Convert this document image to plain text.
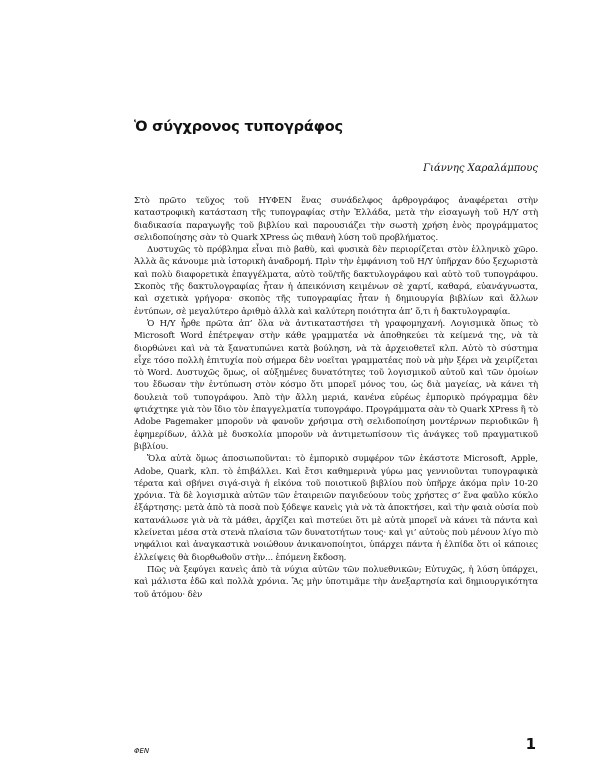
Ὁ σύγχρονος τυπογράφος
Γιάννης Χαραλάμπους

Στὸ πρῶτο τεῦχος τοῦ ΗΥΦΕΝ ἕνας συνάδελφος ἀρθρογράφος ἀναφέρεται στὴν καταστροφικὴ κατάσταση τῆς τυπογραφίας στὴν Ἑλλάδα, μετὰ τὴν εἰσαγωγὴ τοῦ Η/Υ στὴ διαδικασία παραγωγῆς τοῦ βιβλίου καὶ παρουσιάζει τὴν σωστὴ χρήση ἑνὸς προγράμματος σελιδοποίησης σὰν τὸ Quark XPress ὡς πιθανὴ λύση τοῦ προβλήματος.

Δυστυχῶς τὸ πρόβλημα εἶναι πιὸ βαθὺ, καὶ φυσικὰ δὲν περιορίζεται στὸν ἑλληνικὸ χῶρο. Ἀλλὰ ἂς κάνουμε μιὰ ἱστορικὴ ἀναδρομή. Πρὶν τὴν ἐμφάνιση τοῦ Η/Υ ὑπῆρχαν δύο ξεχωριστὰ καὶ πολὺ διαφορετικὰ ἐπαγγέλματα, αὐτὸ τοῦ/τῆς δακτυλογράφου καὶ αὐτὸ τοῦ τυπογράφου. Σκοπὸς τῆς δακτυλογραφίας ἦταν ἡ ἀπεικόνιση κειμένων σὲ χαρτί, καθαρά, εὐανάγνωστα, καὶ σχετικὰ γρήγορα· σκοπὸς τῆς τυπογραφίας ἦταν ἡ δημιουργία βιβλίων καὶ ἄλλων ἐντύπων, σὲ μεγαλύτερο ἀριθμὸ ἀλλὰ καὶ καλύτερη ποιότητα ἀπ’ ὅ,τι ἡ δακτυλογραφία.

Ὁ Η/Υ ἦρθε πρῶτα ἀπ’ ὅλα νὰ ἀντικαταστήσει τὴ γραφομηχανή. Λογισμικὰ ὅπως τὸ Microsoft Word ἐπέτρεψαν στὴν κάθε γραμματέα νὰ ἀποθηκεύει τὰ κείμενά της, νὰ τὰ διορθώνει καὶ νὰ τὰ ξανατυπώνει κατὰ βούληση, νὰ τὰ ἀρχειοθετεῖ κλπ. Αὐτὸ τὸ σύστημα εἶχε τόσο πολλὴ ἐπιτυχία ποὺ σήμερα δὲν νοεῖται γραμματέας ποὺ νὰ μὴν ξέρει νὰ χειρίζεται τὸ Word. Δυστυχῶς ὅμως, οἱ αὐξημένες δυνατότητες τοῦ λογισμικοῦ αὐτοῦ καὶ τῶν ὁμοίων του ἔδωσαν τὴν ἐντύπωση στὸν κόσμο ὅτι μπορεῖ μόνος του, ὡς διὰ μαγείας, νὰ κάνει τὴ δουλειὰ τοῦ τυπογράφου. Ἀπὸ τὴν ἄλλη μεριά, κανένα εὐρέως ἐμπορικὸ πρόγραμμα δὲν φτιάχτηκε γιὰ τὸν ἴδιο τὸν ἐπαγγελματία τυπογράφο. Προγράμματα σὰν τὸ Quark XPress ἢ τὸ Adobe Pagemaker μποροῦν νὰ φανοῦν χρήσιμα στὴ σελιδοποίηση μοντέρνων περιοδικῶν ἢ ἐφημερίδων, ἀλλὰ μὲ δυσκολία μποροῦν νὰ ἀντιμετωπίσουν τὶς ἀνάγκες τοῦ πραγματικοῦ βιβλίου.

Ὅλα αὐτὰ ὅμως ἀποσιωποῦνται: τὸ ἐμπορικὸ συμφέρον τῶν ἑκάστοτε Microsoft, Apple, Adobe, Quark, κλπ. τὸ ἐπιβάλλει. Καὶ ἔτσι καθημερινὰ γύρω μας γεννιοῦνται τυπογραφικὰ τέρατα καὶ σβήνει σιγά-σιγὰ ἡ εἰκόνα τοῦ ποιοτικοῦ βιβλίου ποὺ ὑπῆρχε ἀκόμα πρὶν 10-20 χρόνια. Τὰ δὲ λογισμικὰ αὐτῶν τῶν ἑταιρειῶν παγιδεύουν τοὺς χρήστες σ’ ἕνα φαῦλο κύκλο ἐξάρτησης: μετὰ ἀπὸ τὰ ποσὰ ποὺ ξόδεψε κανεὶς γιὰ νὰ τὰ ἀποκτήσει, καὶ τὴν φαιὰ οὐσία ποὺ κατανάλωσε γιὰ νὰ τὰ μάθει, ἀρχίζει καὶ πιστεύει ὅτι μὲ αὐτὰ μπορεῖ νὰ κάνει τὰ πάντα καὶ κλείνεται μέσα στὰ στενὰ πλαίσια τῶν δυνατοτήτων τους· καὶ γι’ αὐτοὺς ποὺ μένουν λίγο πιὸ νηφάλιοι καὶ ἀναγκαστικὰ νοιώθουν ἀνικανοποίητοι, ὑπάρχει πάντα ἡ ἐλπίδα ὅτι οἱ κάποιες ἐλλείψεις θὰ διορθωθοῦν στὴν... ἑπόμενη ἔκδοση.

Πῶς νὰ ξεφύγει κανεὶς ἀπὸ τὰ νύχια αὐτῶν τῶν πολυεθνικῶν; Εὐτυχῶς, ἡ λύση ὑπάρχει, καὶ μάλιστα ἐδῶ καὶ πολλὰ χρόνια. Ἂς μὴν ὑποτιμᾶμε τὴν ἀνεξαρτησία καὶ δημιουργικότητα τοῦ ἀτόμου· δὲν

ΦΕΝ	1
